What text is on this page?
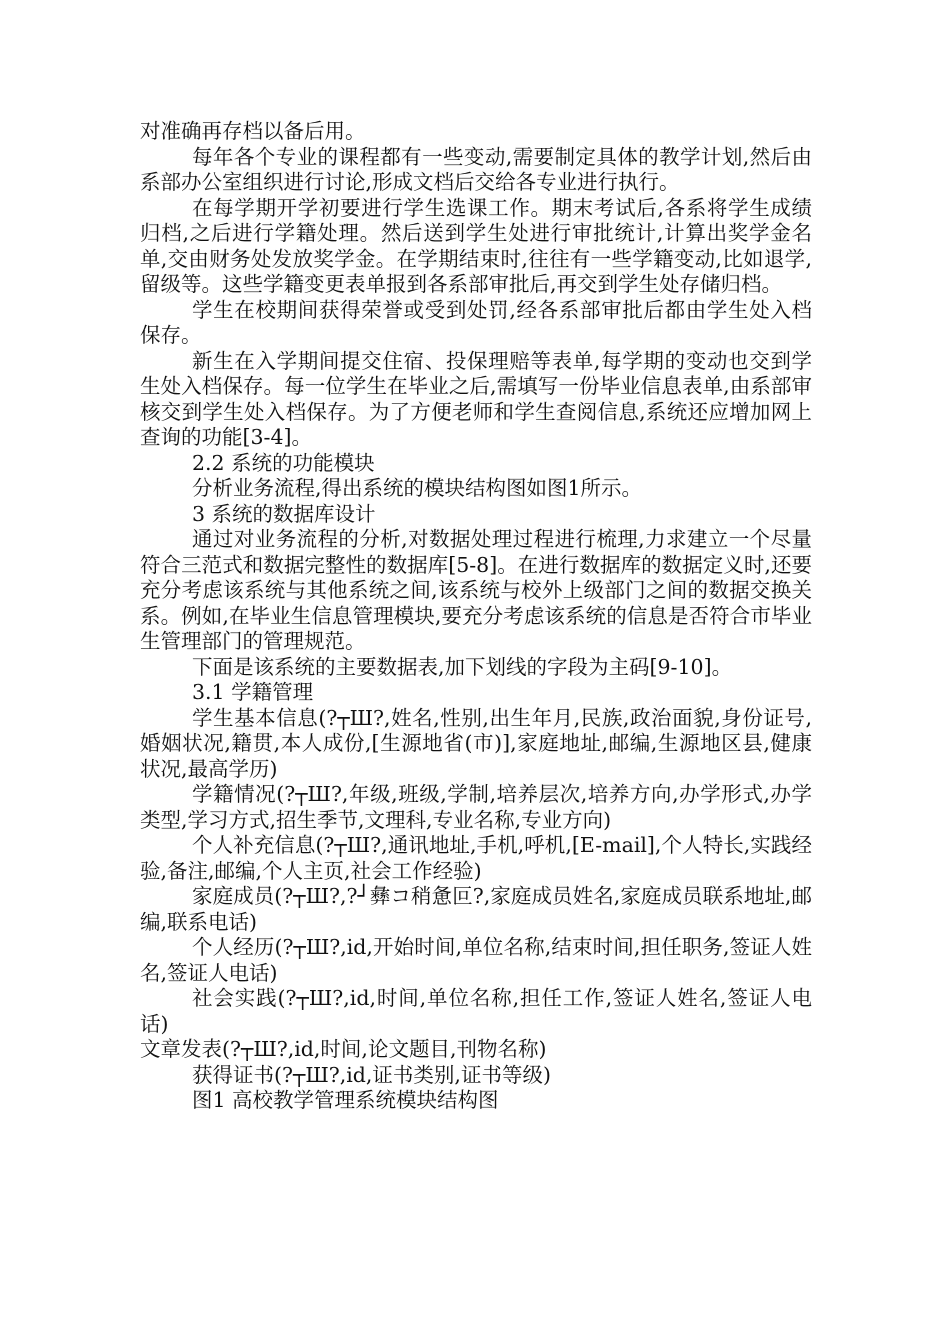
对准确再存档以备后用。

每年各个专业的课程都有一些变动,需要制定具体的教学计划,然后由系部办公室组织进行讨论,形成文档后交给各专业进行执行。

在每学期开学初要进行学生选课工作。期末考试后,各系将学生成绩归档,之后进行学籍处理。然后送到学生处进行审批统计,计算出奖学金名单,交由财务处发放奖学金。在学期结束时,往往有一些学籍变动,比如退学,留级等。这些学籍变更表单报到各系部审批后,再交到学生处存储归档。

学生在校期间获得荣誉或受到处罚,经各系部审批后都由学生处入档保存。

新生在入学期间提交住宿、投保理赔等表单,每学期的变动也交到学生处入档保存。每一位学生在毕业之后,需填写一份毕业信息表单,由系部审核交到学生处入档保存。为了方便老师和学生查阅信息,系统还应增加网上查询的功能[3-4]。

2.2 系统的功能模块

分析业务流程,得出系统的模块结构图如图1所示。

3 系统的数据库设计

通过对业务流程的分析,对数据处理过程进行梳理,力求建立一个尽量符合三范式和数据完整性的数据库[5-8]。在进行数据库的数据定义时,还要充分考虑该系统与其他系统之间,该系统与校外上级部门之间的数据交换关系。例如,在毕业生信息管理模块,要充分考虑该系统的信息是否符合市毕业生管理部门的管理规范。

下面是该系统的主要数据表,加下划线的字段为主码[9-10]。

3.1 学籍管理

学生基本信息(?┬Ш?,姓名,性别,出生年月,民族,政治面貌,身份证号,婚姻状况,籍贯,本人成份,[生源地省(市)],家庭地址,邮编,生源地区县,健康状况,最高学历)

学籍情况(?┬Ш?,年级,班级,学制,培养层次,培养方向,办学形式,办学类型,学习方式,招生季节,文理科,专业名称,专业方向)

个人补充信息(?┬Ш?,通讯地址,手机,呼机,[E-mail],个人特长,实践经验,备注,邮编,个人主页,社会工作经验)

家庭成员(?┬Ш?,?┘彝コ稍惫叵?,家庭成员姓名,家庭成员联系地址,邮编,联系电话)

个人经历(?┬Ш?,id,开始时间,单位名称,结束时间,担任职务,签证人姓名,签证人电话)

社会实践(?┬Ш?,id,时间,单位名称,担任工作,签证人姓名,签证人电话)

文章发表(?┬Ш?,id,时间,论文题目,刊物名称)

获得证书(?┬Ш?,id,证书类别,证书等级)

图1 高校教学管理系统模块结构图
